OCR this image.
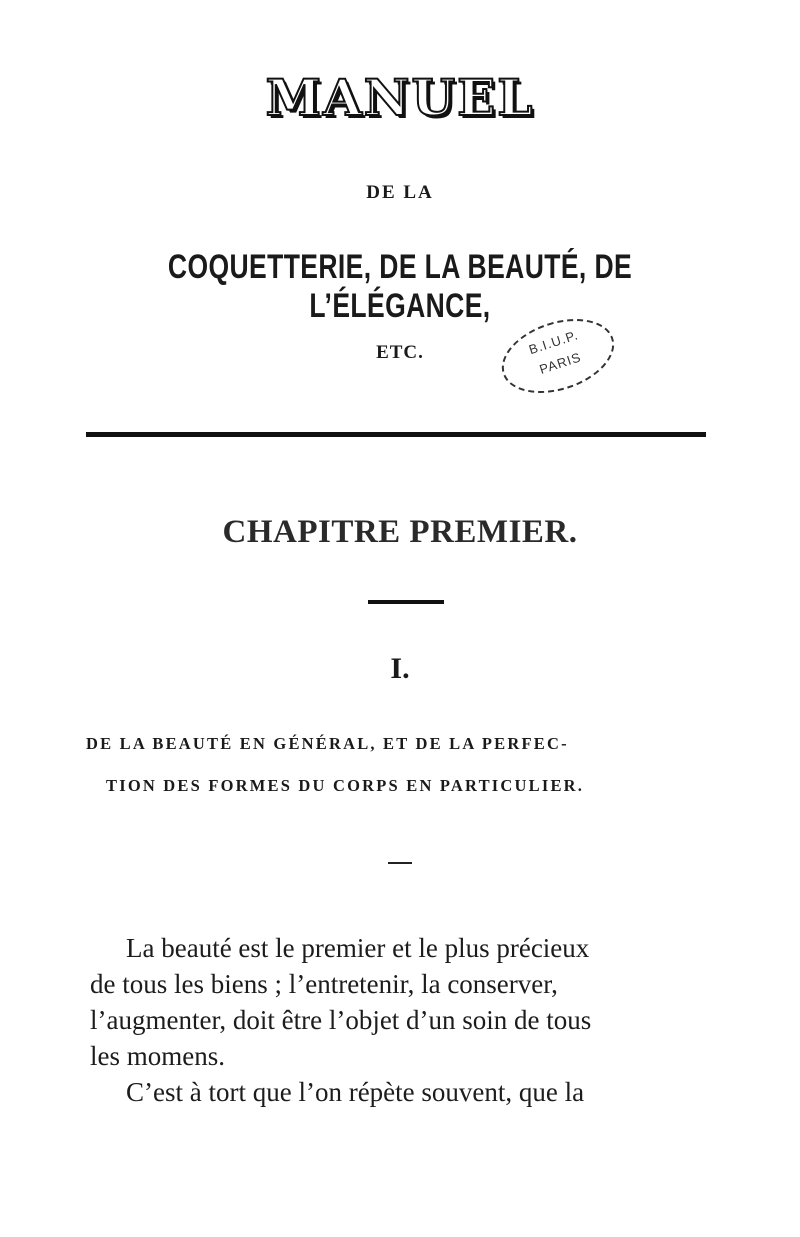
MANUEL
DE LA
COQUETTERIE, DE LA BEAUTÉ, DE L’ÉLÉGANCE,
ETC.	B.I.U.P.
PARIS
CHAPITRE PREMIER.
I.
DE LA BEAUTÉ EN GÉNÉRAL, ET DE LA PERFEC-
TION DES FORMES DU CORPS EN PARTICULIER.
La beauté est le premier et le plus précieux
de tous les biens ; l’entretenir, la conserver,
l’augmenter, doit être l’objet d’un soin de tous
les momens.
C’est à tort que l’on répète souvent, que la
